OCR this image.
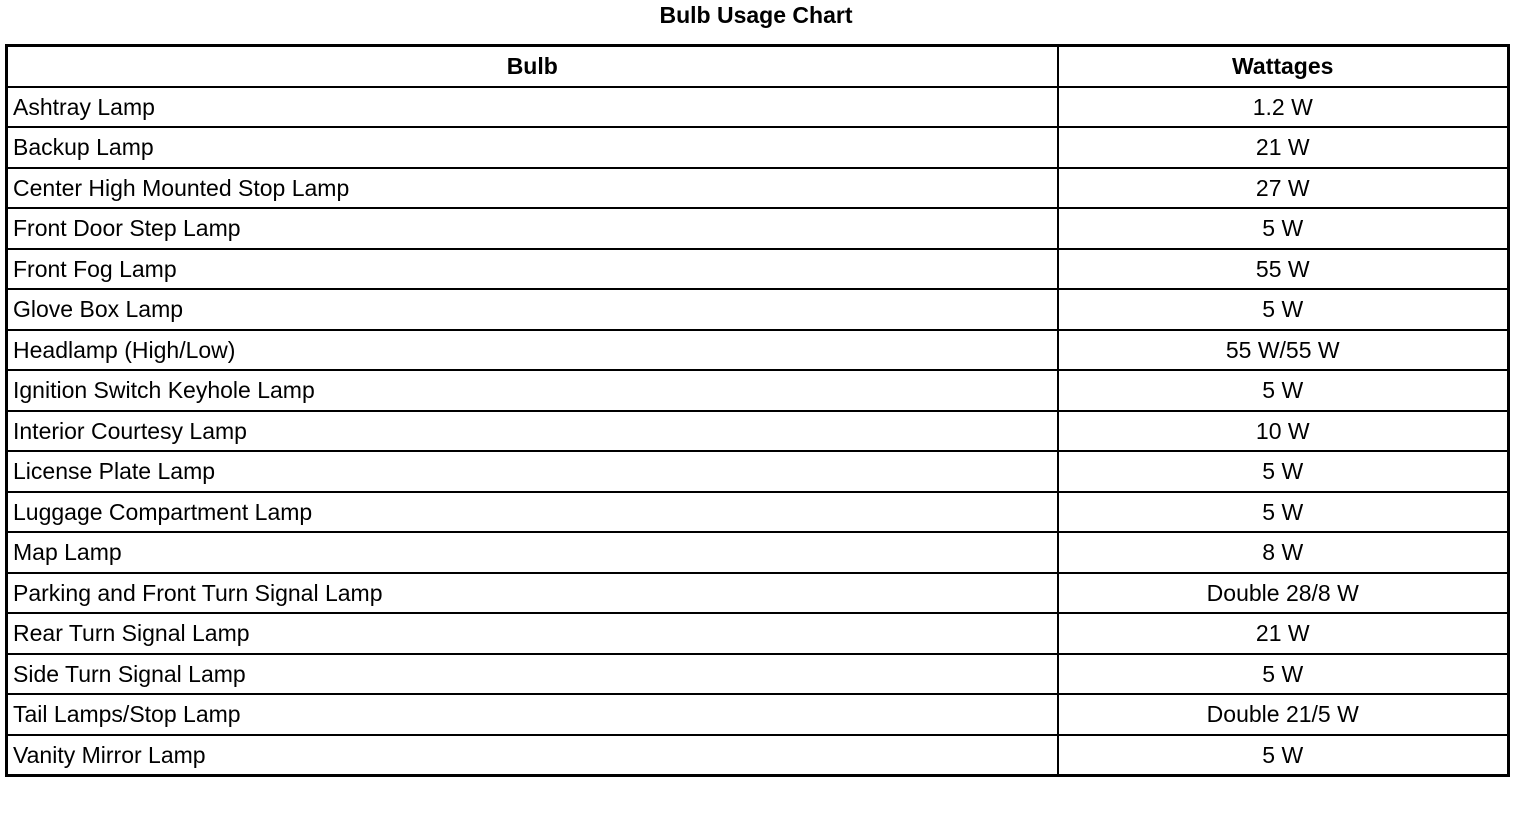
Bulb Usage Chart
Bulb	Wattages
Ashtray Lamp	1.2 W
Backup Lamp	21 W
Center High Mounted Stop Lamp	27 W
Front Door Step Lamp	5 W
Front Fog Lamp	55 W
Glove Box Lamp	5 W
Headlamp (High/Low)	55 W/55 W
Ignition Switch Keyhole Lamp	5 W
Interior Courtesy Lamp	10 W
License Plate Lamp	5 W
Luggage Compartment Lamp	5 W
Map Lamp	8 W
Parking and Front Turn Signal Lamp	Double 28/8 W
Rear Turn Signal Lamp	21 W
Side Turn Signal Lamp	5 W
Tail Lamps/Stop Lamp	Double 21/5 W
Vanity Mirror Lamp	5 W
